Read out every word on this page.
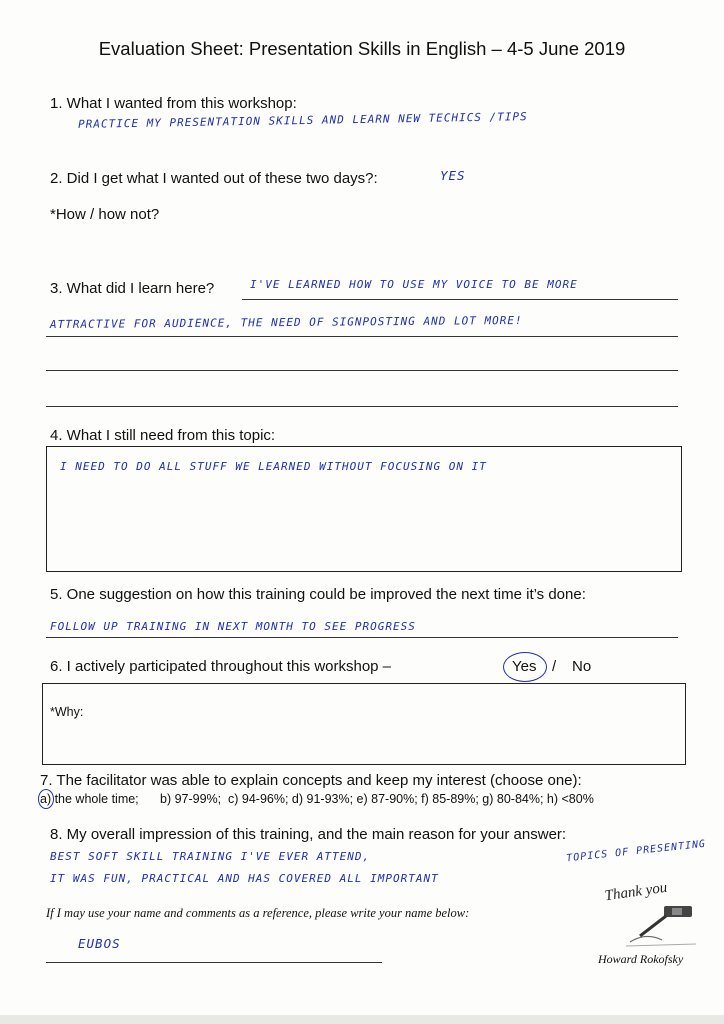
Evaluation Sheet: Presentation Skills in English – 4-5 June 2019
1. What I wanted from this workshop:
PRACTICE MY PRESENTATION SKILLS AND LEARN NEW TECHICS /TIPS
2. Did I get what I wanted out of these two days?:	YES
*How / how not?
3. What did I learn here?	I'VE LEARNED HOW TO USE MY VOICE TO BE MORE
ATTRACTIVE FOR AUDIENCE, THE NEED OF SIGNPOSTING AND LOT MORE!
4. What I still need from this topic:
I NEED TO DO ALL STUFF WE LEARNED WITHOUT FOCUSING ON IT
5. One suggestion on how this training could be improved the next time it’s done:
FOLLOW UP TRAINING IN NEXT MONTH TO SEE PROGRESS
6. I actively participated throughout this workshop –	Yes / No
*Why:
7. The facilitator was able to explain concepts and keep my interest (choose one):
a) the whole time; b) 97-99%; c) 94-96%; d) 91-93%; e) 87-90%; f) 85-89%; g) 80-84%; h) <80%
8. My overall impression of this training, and the main reason for your answer:
BEST SOFT SKILL TRAINING I'VE EVER ATTEND,
IT WAS FUN, PRACTICAL AND HAS COVERED ALL IMPORTANT
TOPICS OF PRESENTING
If I may use your name and comments as a reference, please write your name below:
EUBOS
Thank you
Howard Rokofsky
